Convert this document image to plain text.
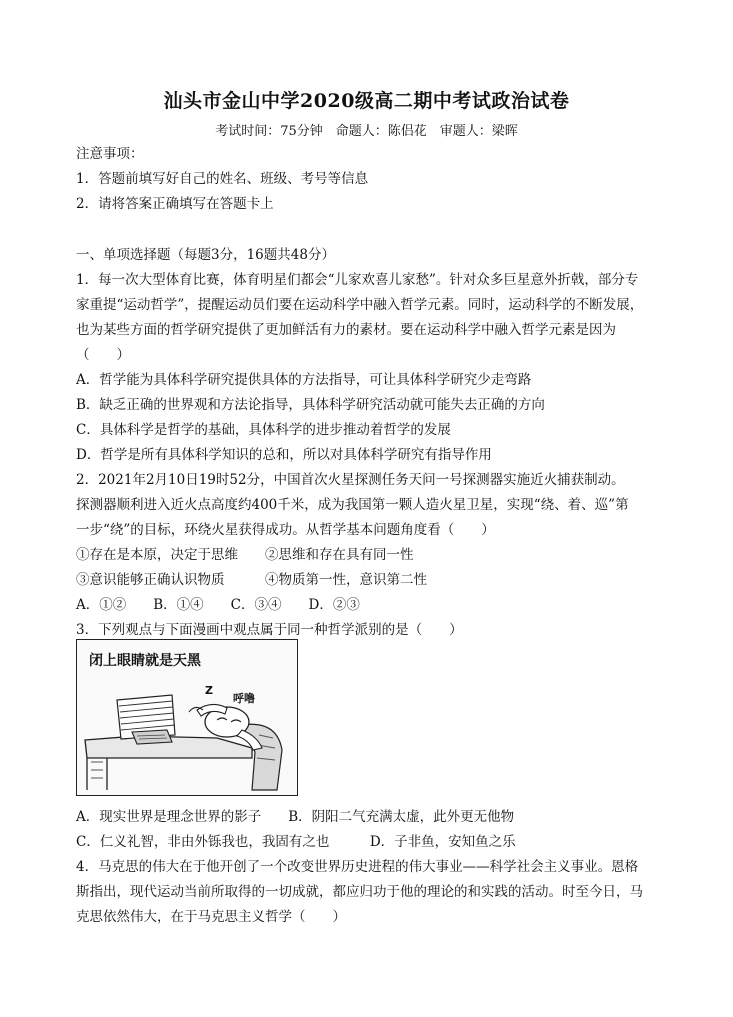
汕头市金山中学2020级高二期中考试政治试卷
考试时间：75分钟　命题人：陈侣花　审题人：梁晖
注意事项：
1．答题前填写好自己的姓名、班级、考号等信息
2．请将答案正确填写在答题卡上
一、单项选择题（每题3分，16题共48分）
1．每一次大型体育比赛，体育明星们都会“儿家欢喜儿家愁”。针对众多巨星意外折戟，部分专
家重提“运动哲学”，提醒运动员们要在运动科学中融入哲学元素。同时，运动科学的不断发展，
也为某些方面的哲学研究提供了更加鲜活有力的素材。要在运动科学中融入哲学元素是因为
（　　）
A．哲学能为具体科学研究提供具体的方法指导，可让具体科学研究少走弯路
B．缺乏正确的世界观和方法论指导，具体科学研究活动就可能失去正确的方向
C．具体科学是哲学的基础，具体科学的进步推动着哲学的发展
D．哲学是所有具体科学知识的总和，所以对具体科学研究有指导作用
2．2021年2月10日19时52分，中国首次火星探测任务天问一号探测器实施近火捕获制动。
探测器顺利进入近火点高度约400千米，成为我国第一颗人造火星卫星，实现“绕、着、巡”第
一步“绕”的目标，环绕火星获得成功。从哲学基本问题角度看（　　）
①存在是本原，决定于思维　　②思维和存在具有同一性
③意识能够正确认识物质　　　④物质第一性，意识第二性
A．①②　　B．①④　　C．③④　　D．②③
3．下列观点与下面漫画中观点属于同一种哲学派别的是（　　）
闭上眼睛就是天黑
Z
呼噜
A．现实世界是理念世界的影子　　B．阴阳二气充满太虚，此外更无他物
C．仁义礼智，非由外铄我也，我固有之也　　　D．子非鱼，安知鱼之乐
4．马克思的伟大在于他开创了一个改变世界历史进程的伟大事业——科学社会主义事业。恩格
斯指出，现代运动当前所取得的一切成就，都应归功于他的理论的和实践的活动。时至今日，马
克思依然伟大，在于马克思主义哲学（　　）
